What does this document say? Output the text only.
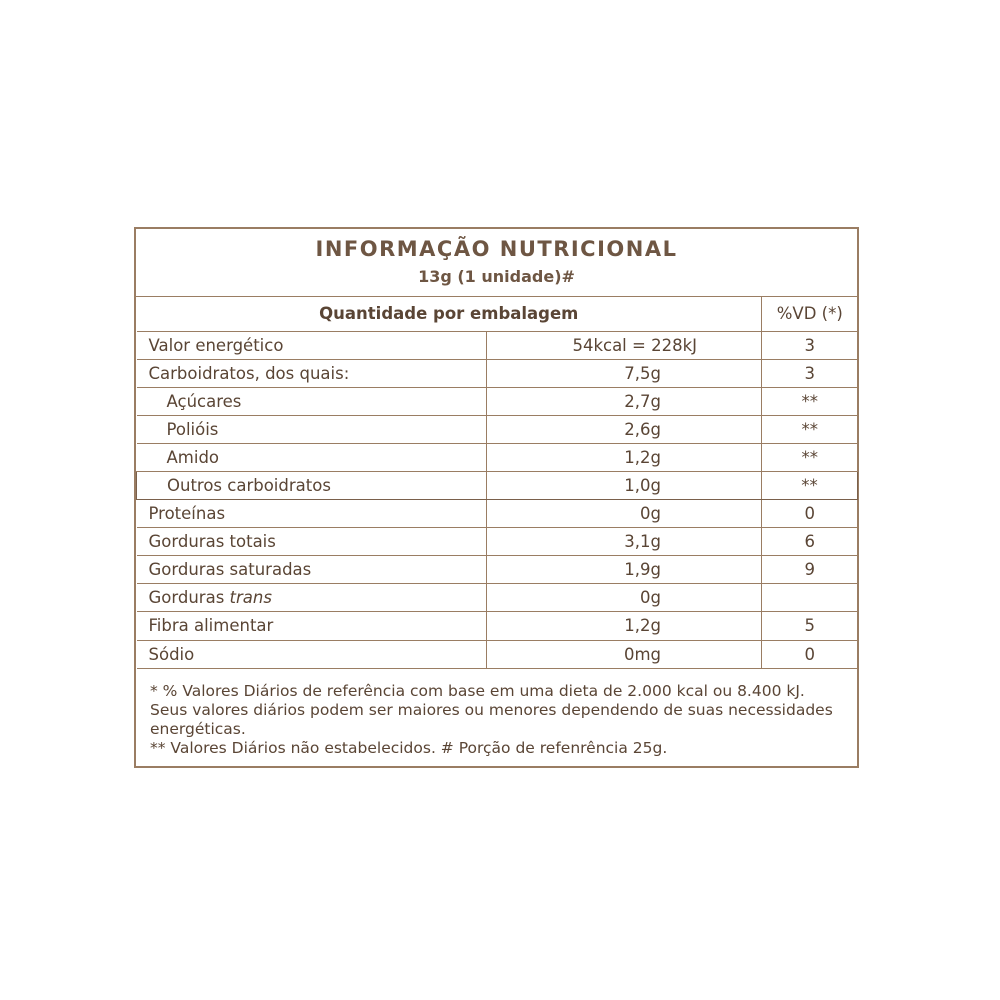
INFORMAÇÃO NUTRICIONAL
13g (1 unidade)#
Quantidade por embalagem		%VD (*)
Valor energético	54kcal = 228kJ	3
Carboidratos, dos quais:	7,5g	3
Açúcares	2,7g	**
Polióis	2,6g	**
Amido	1,2g	**
Outros carboidratos	1,0g	**
Proteínas	0g	0
Gorduras totais	3,1g	6
Gorduras saturadas	1,9g	9
Gorduras trans	0g	
Fibra alimentar	1,2g	5
Sódio	0mg	0

* % Valores Diários de referência com base em uma dieta de 2.000 kcal ou 8.400 kJ. Seus valores diários podem ser maiores ou menores dependendo de suas necessidades energéticas.

** Valores Diários não estabelecidos. # Porção de refenrência 25g.
